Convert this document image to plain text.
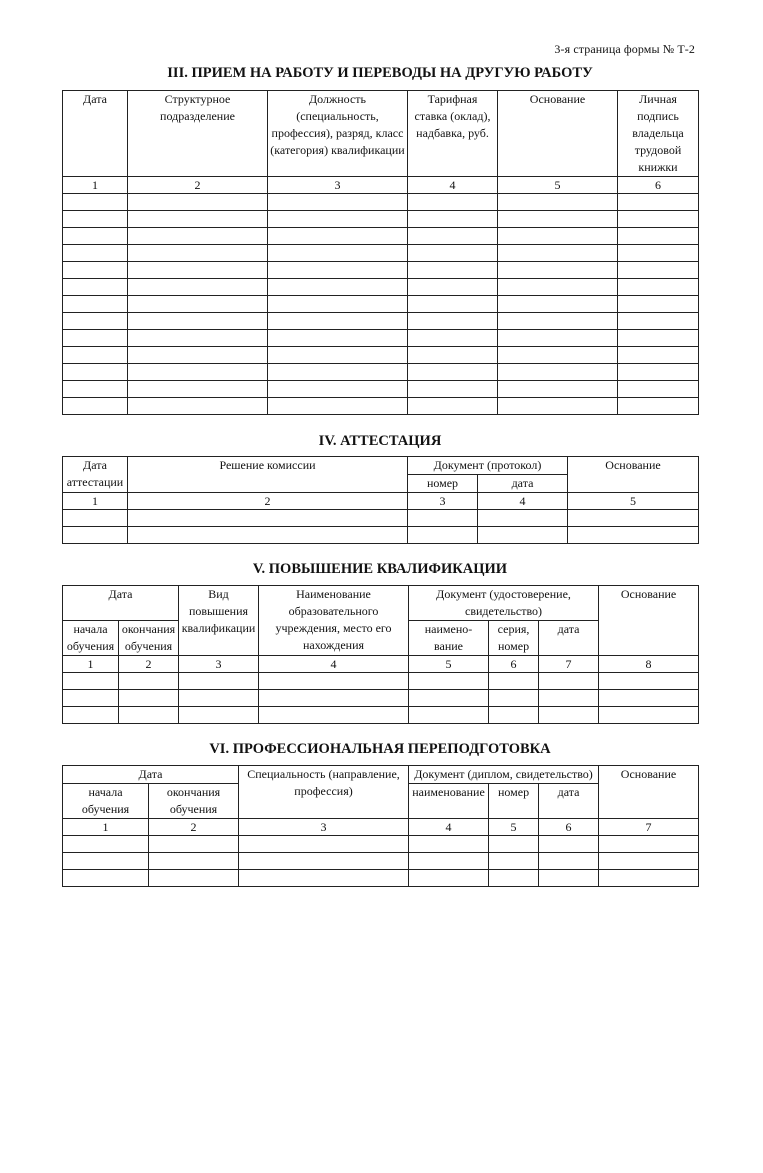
3-я страница формы № Т-2
III. ПРИЕМ НА РАБОТУ И ПЕРЕВОДЫ НА ДРУГУЮ РАБОТУ
Дата	Структурное подразделение	Должность (специальность, профессия), разряд, класс (категория) квалификации	Тарифная ставка (оклад), надбавка, руб.	Основание	Личная подпись владельца трудовой книжки
1	2	3	4	5	6

IV. АТТЕСТАЦИЯ
Дата аттестации	Решение комиссии	Документ (протокол)		Основание
		номер	дата	
1	2	3	4	5

V. ПОВЫШЕНИЕ КВАЛИФИКАЦИИ
Дата		Вид повышения квалификации	Наименование образовательного учреждения, место его нахождения	Документ (удостоверение, свидетельство)			Основание
начала обучения	окончания обучения			наимено-вание	серия, номер	дата	
1	2	3	4	5	6	7	8

VI. ПРОФЕССИОНАЛЬНАЯ ПЕРЕПОДГОТОВКА
Дата		Специальность (направление, профессия)	Документ (диплом, свидетельство)			Основание
начала обучения	окончания обучения		наименование	номер	дата	
1	2	3	4	5	6	7
